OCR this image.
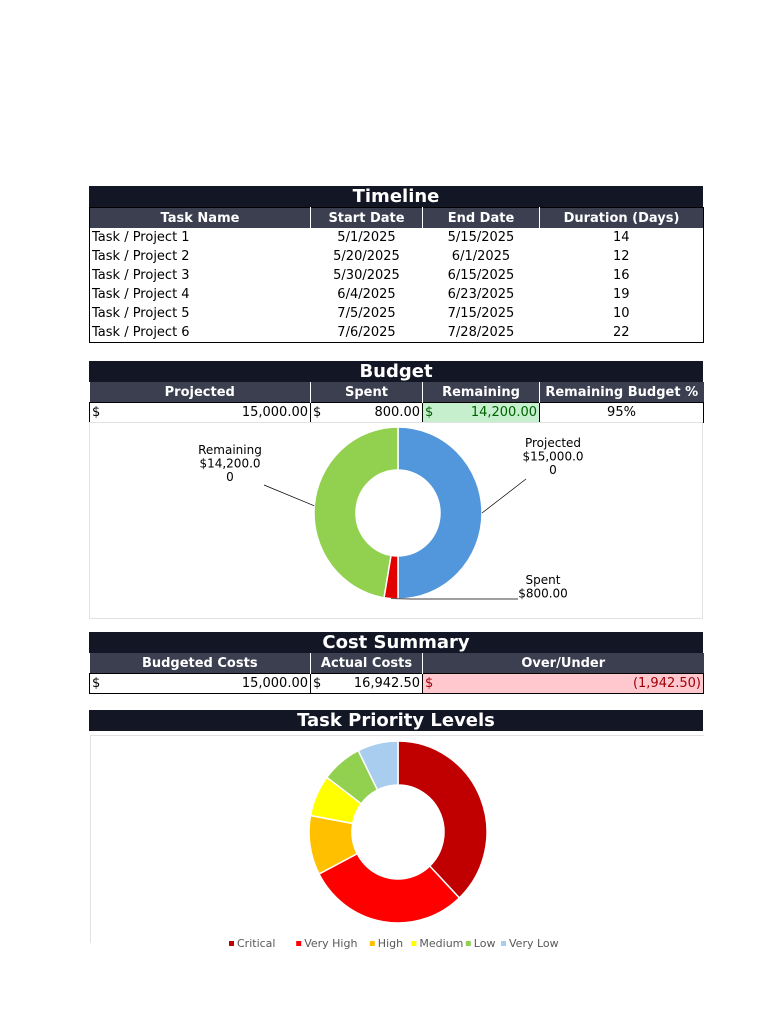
Timeline
Task Name	Start Date	End Date	Duration (Days)
Task / Project 1	5/1/2025	5/15/2025	14
Task / Project 2	5/20/2025	6/1/2025	12
Task / Project 3	5/30/2025	6/15/2025	16
Task / Project 4	6/4/2025	6/23/2025	19
Task / Project 5	7/5/2025	7/15/2025	10
Task / Project 6	7/6/2025	7/28/2025	22
Budget
Projected	Spent	Remaining	Remaining Budget %

$ 15,000.00	$ 800.00	$ 14,200.00	95%
Projected $15,000.0 0
Spent $800.00
Remaining $14,200.0 0
Cost Summary
Budgeted Costs	Actual Costs	Over/Under

$ 15,000.00	$ 16,942.50	$ (1,942.50)
Task Priority Levels
Critical	Very High High Medium Low Very Low
